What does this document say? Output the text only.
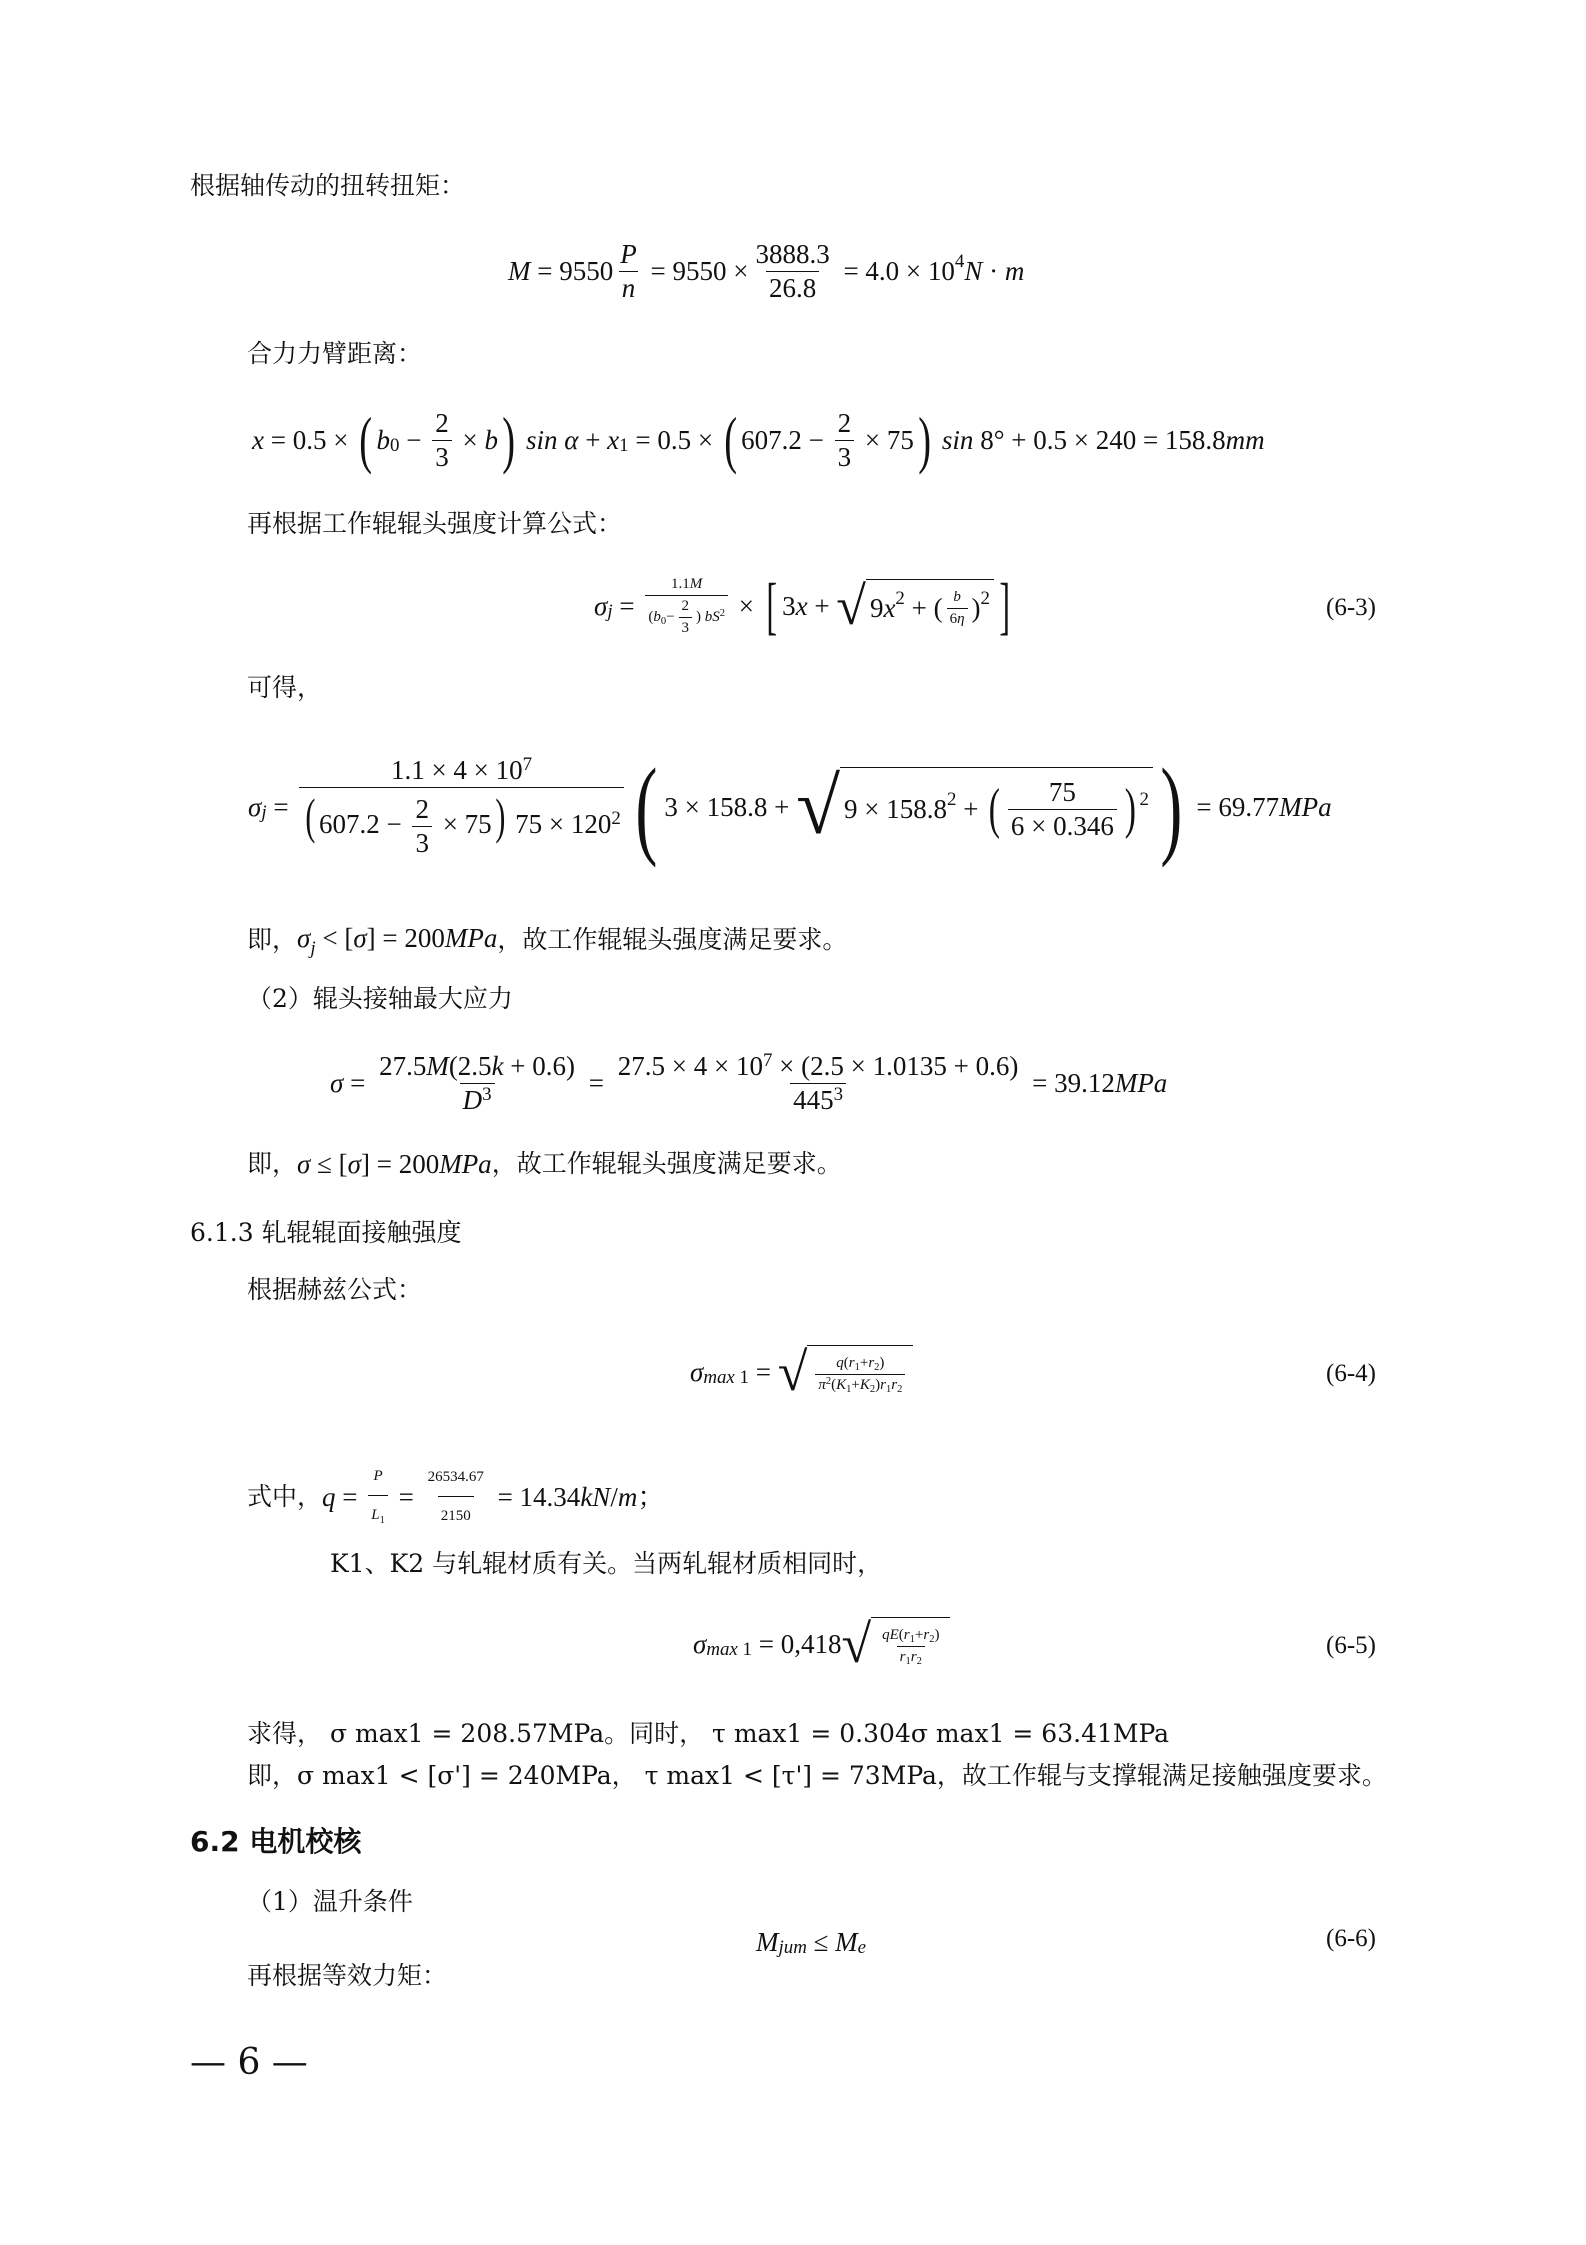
根据轴传动的扭转扭矩：
$M = 9550 \frac{P}{n} = 9550 \times \frac{3888.3}{26.8} = 4.0 \times 10$ 4 N · m
合力力臂距离：
x = 0.5 × ( b $0 - \frac{2}{3} \times b$ )
sin α + x 1 = 0.5 × ( $607.2 - \frac{2}{3} \times 75$ )
sin 8° + 0.5 × 240 = 158.8 mm
再根据工作辊辊头强度计算公式：
σ $j = \frac{1.1M}{(b_0- \frac{2}{3} ) bS^2}$ × [ 3 x + √ 9 x 2 + ( $\frac{b}{6\eta}$ ) 2 ]	(6-3)
可得，
σ $j = \frac{1.1 \times 4 \times 10^7}{( 607.2 - \frac{2}{3} \times 75) 75 \times 120^2}$ ( 3 × 158.8 + √ 9 × 158.8 2 + ( $\frac{75}{6 \times 0.346}$ ) 2 ) = 69.77 MPa
即， $\sigma_j < [\sigma] = 200MPa$ ，故工作辊辊头强度满足要求。
（2）辊头接轴最大应力
$\sigma = \frac{27.5M(2.5k + 0.6)}{D^3} = \frac{27.5 \times 4 \times 10^7 \times (2.5 \times 1.0135 + 0.6)}{445^3} = 39.12$ MPa
即， σ ≤ [σ] = 200MPa ，故工作辊辊头强度满足要求。
6.1.3 轧辊辊面接触强度
根据赫兹公式：
σ max 1 = √ $\frac{q(r_1+r_2)}{\pi^2(K_1+K_2)r_1r_2}$	(6-4)
式中， $q = \frac{P}{L_1} = \frac{26534.67}{2150} = 14.34$ kN / m ；
K1、K2 与轧辊材质有关。当两轧辊材质相同时，
σ max 1 = 0,418 √ $\frac{qE(r_1+r_2)}{r_1r_2}$	(6-5)
求得， σ max1 = 208.57MPa。同时， τ max1 = 0.304σ max1 = 63.41MPa
即，σ max1 < [σ'] = 240MPa， τ max1 < [τ'] = 73MPa，故工作辊与支撑辊满足接触强度要求。
6.2 电机校核
（1）温升条件
M jum ≤ M e	(6-6)
再根据等效力矩：
— 6 —
